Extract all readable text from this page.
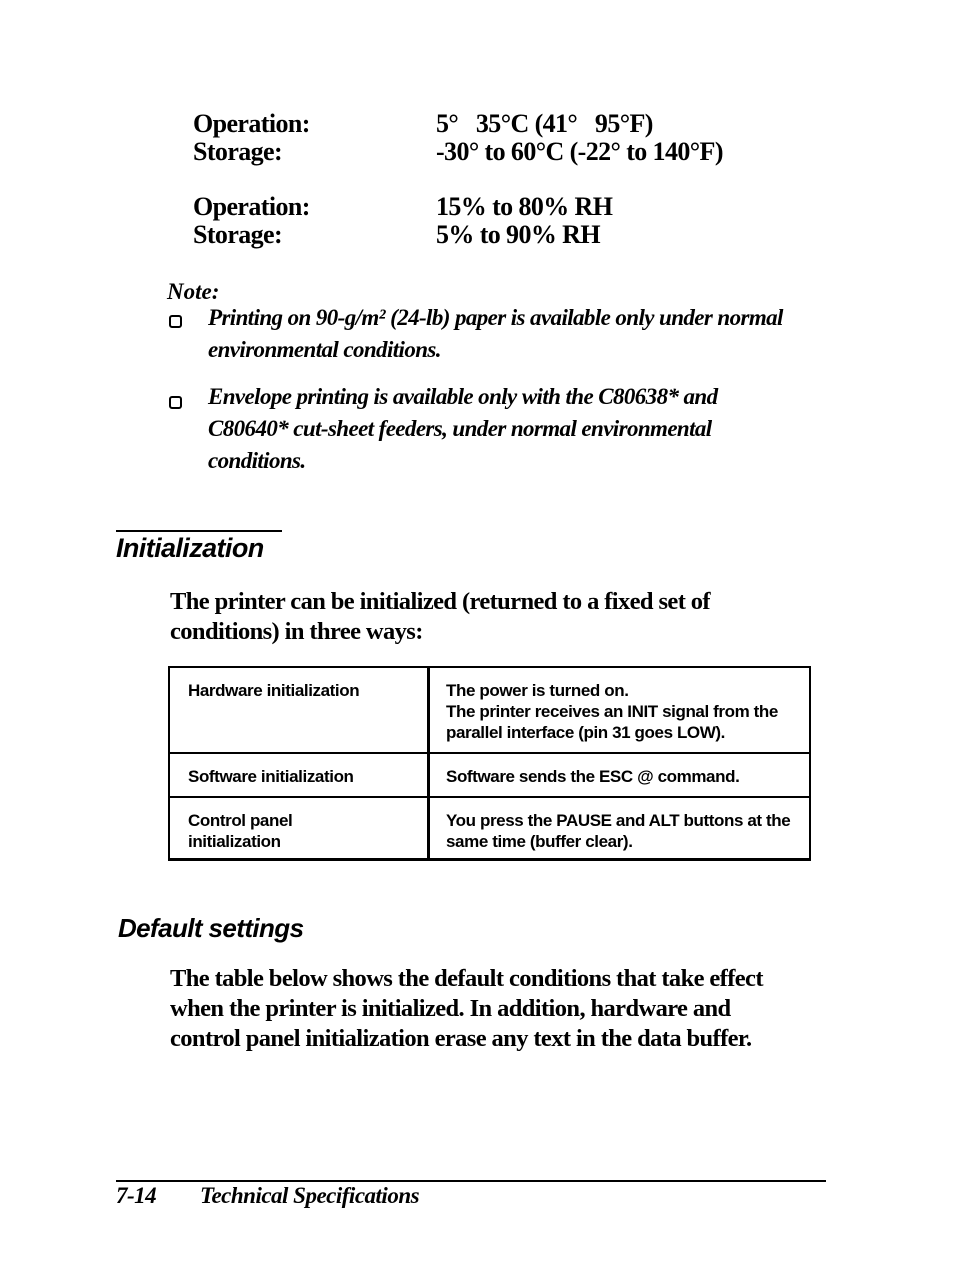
Operation:	5°   35°C (41°   95°F)
Storage:	-30° to 60°C (-22° to 140°F)
Operation:	15% to 80% RH
Storage:	5% to 90% RH
Note:
Printing on 90-g/m² (24-lb) paper is available only under normal
environmental conditions.
Envelope printing is available only with the C80638* and
C80640* cut-sheet feeders, under normal environmental
conditions.
Initialization
The printer can be initialized (returned to a fixed set of
conditions) in three ways:
Hardware initialization	The power is turned on.
The printer receives an INIT signal from the
parallel interface (pin 31 goes LOW).

Software initialization	Software sends the ESC @ command.

Control panel
initialization	You press the PAUSE and ALT buttons at the
same time (buffer clear).
Default settings
The table below shows the default conditions that take effect
when the printer is initialized. In addition, hardware and
control panel initialization erase any text in the data buffer.
7-14 Technical Specifications
